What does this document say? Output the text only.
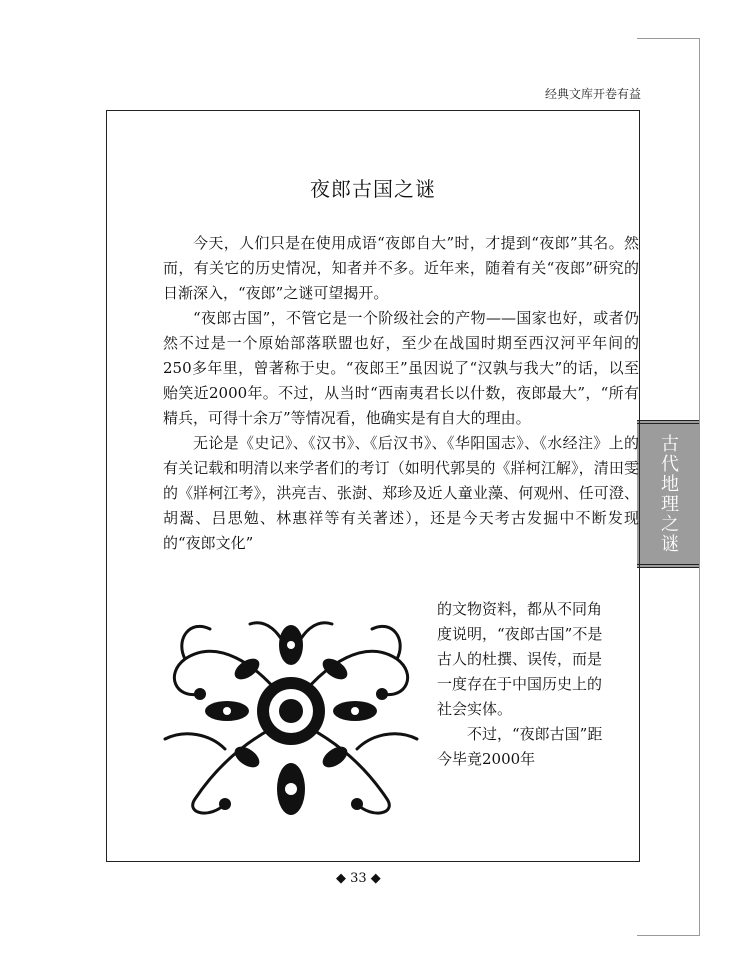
古代地理之谜
经典文库开卷有益
夜郎古国之谜

今天，人们只是在使用成语“夜郎自大”时，才提到“夜郎”其名。然而，有关它的历史情况，知者并不多。近年来，随着有关“夜郎”研究的日渐深入，“夜郎”之谜可望揭开。

“夜郎古国”，不管它是一个阶级社会的产物——国家也好，或者仍然不过是一个原始部落联盟也好，至少在战国时期至西汉河平年间的250多年里，曾著称于史。“夜郎王”虽因说了“汉孰与我大”的话，以至贻笑近2000年。不过，从当时“西南夷君长以什数，夜郎最大”，“所有精兵，可得十余万”等情况看，他确实是有自大的理由。

无论是《史记》、《汉书》、《后汉书》、《华阳国志》、《水经注》上的有关记载和明清以来学者们的考订（如明代郭昊的《牂柯江解》，清田雯的《牂柯江考》，洪亮吉、张澍、郑珍及近人童业藻、何观州、任可澄、胡翯、吕思勉、林惠祥等有关著述），还是今天考古发掘中不断发现的“夜郎文化”

的文物资料，都从不同角度说明，“夜郎古国”不是古人的杜撰、误传，而是一度存在于中国历史上的社会实体。

不过，“夜郎古国”距今毕竟2000年

◆ 33 ◆
